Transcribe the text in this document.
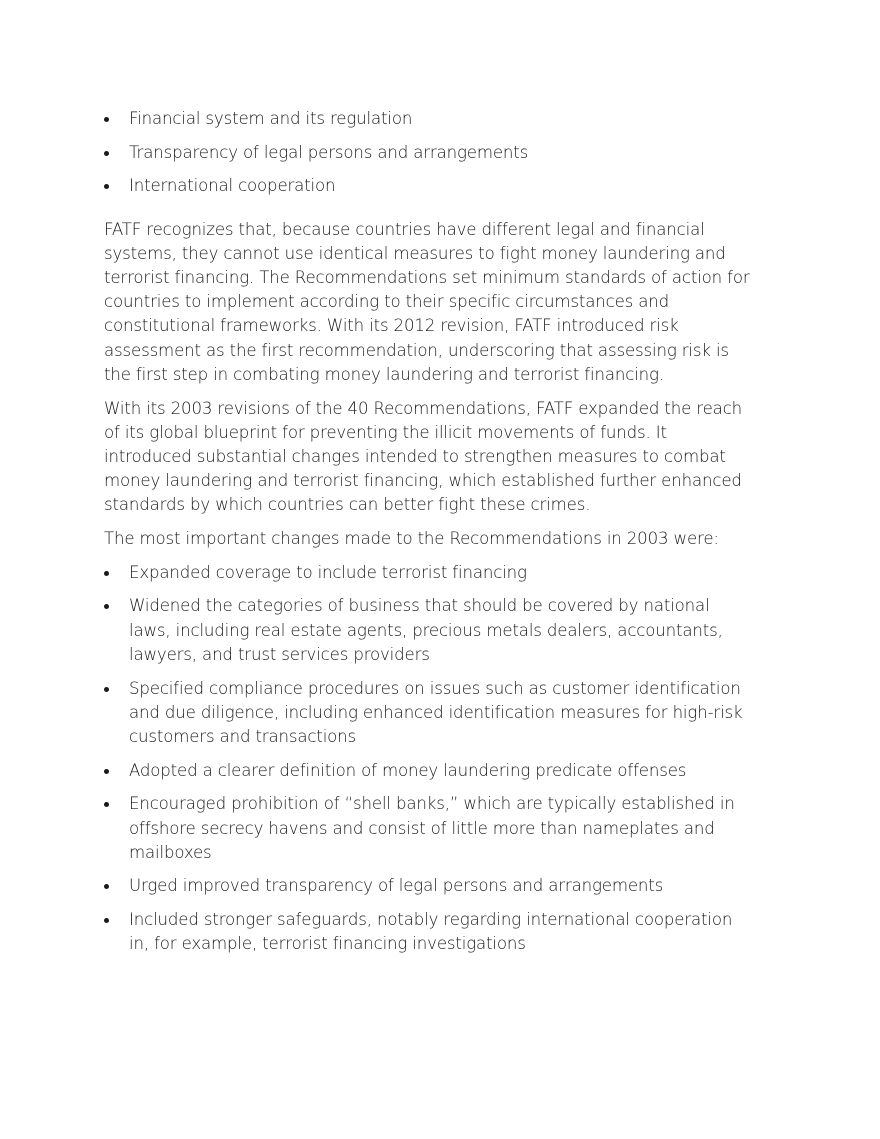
Financial system and its regulation
Transparency of legal persons and arrangements
International cooperation

FATF recognizes that, because countries have different legal and financial systems, they cannot use identical measures to fight money laundering and terrorist financing. The Recommendations set minimum standards of action for countries to implement according to their specific circumstances and constitutional frameworks. With its 2012 revision, FATF introduced risk assessment as the first recommendation, underscoring that assessing risk is the first step in combating money laundering and terrorist financing.

With its 2003 revisions of the 40 Recommendations, FATF expanded the reach of its global blueprint for preventing the illicit movements of funds. It introduced substantial changes intended to strengthen measures to combat money laundering and terrorist financing, which established further enhanced standards by which countries can better fight these crimes.

The most important changes made to the Recommendations in 2003 were:

Expanded coverage to include terrorist financing
Widened the categories of business that should be covered by national laws, including real estate agents, precious metals dealers, accountants, lawyers, and trust services providers
Specified compliance procedures on issues such as customer identification and due diligence, including enhanced identification measures for high-risk customers and transactions
Adopted a clearer definition of money laundering predicate offenses
Encouraged prohibition of “shell banks,” which are typically established in offshore secrecy havens and consist of little more than nameplates and mailboxes
Urged improved transparency of legal persons and arrangements
Included stronger safeguards, notably regarding international cooperation in, for example, terrorist financing investigations
